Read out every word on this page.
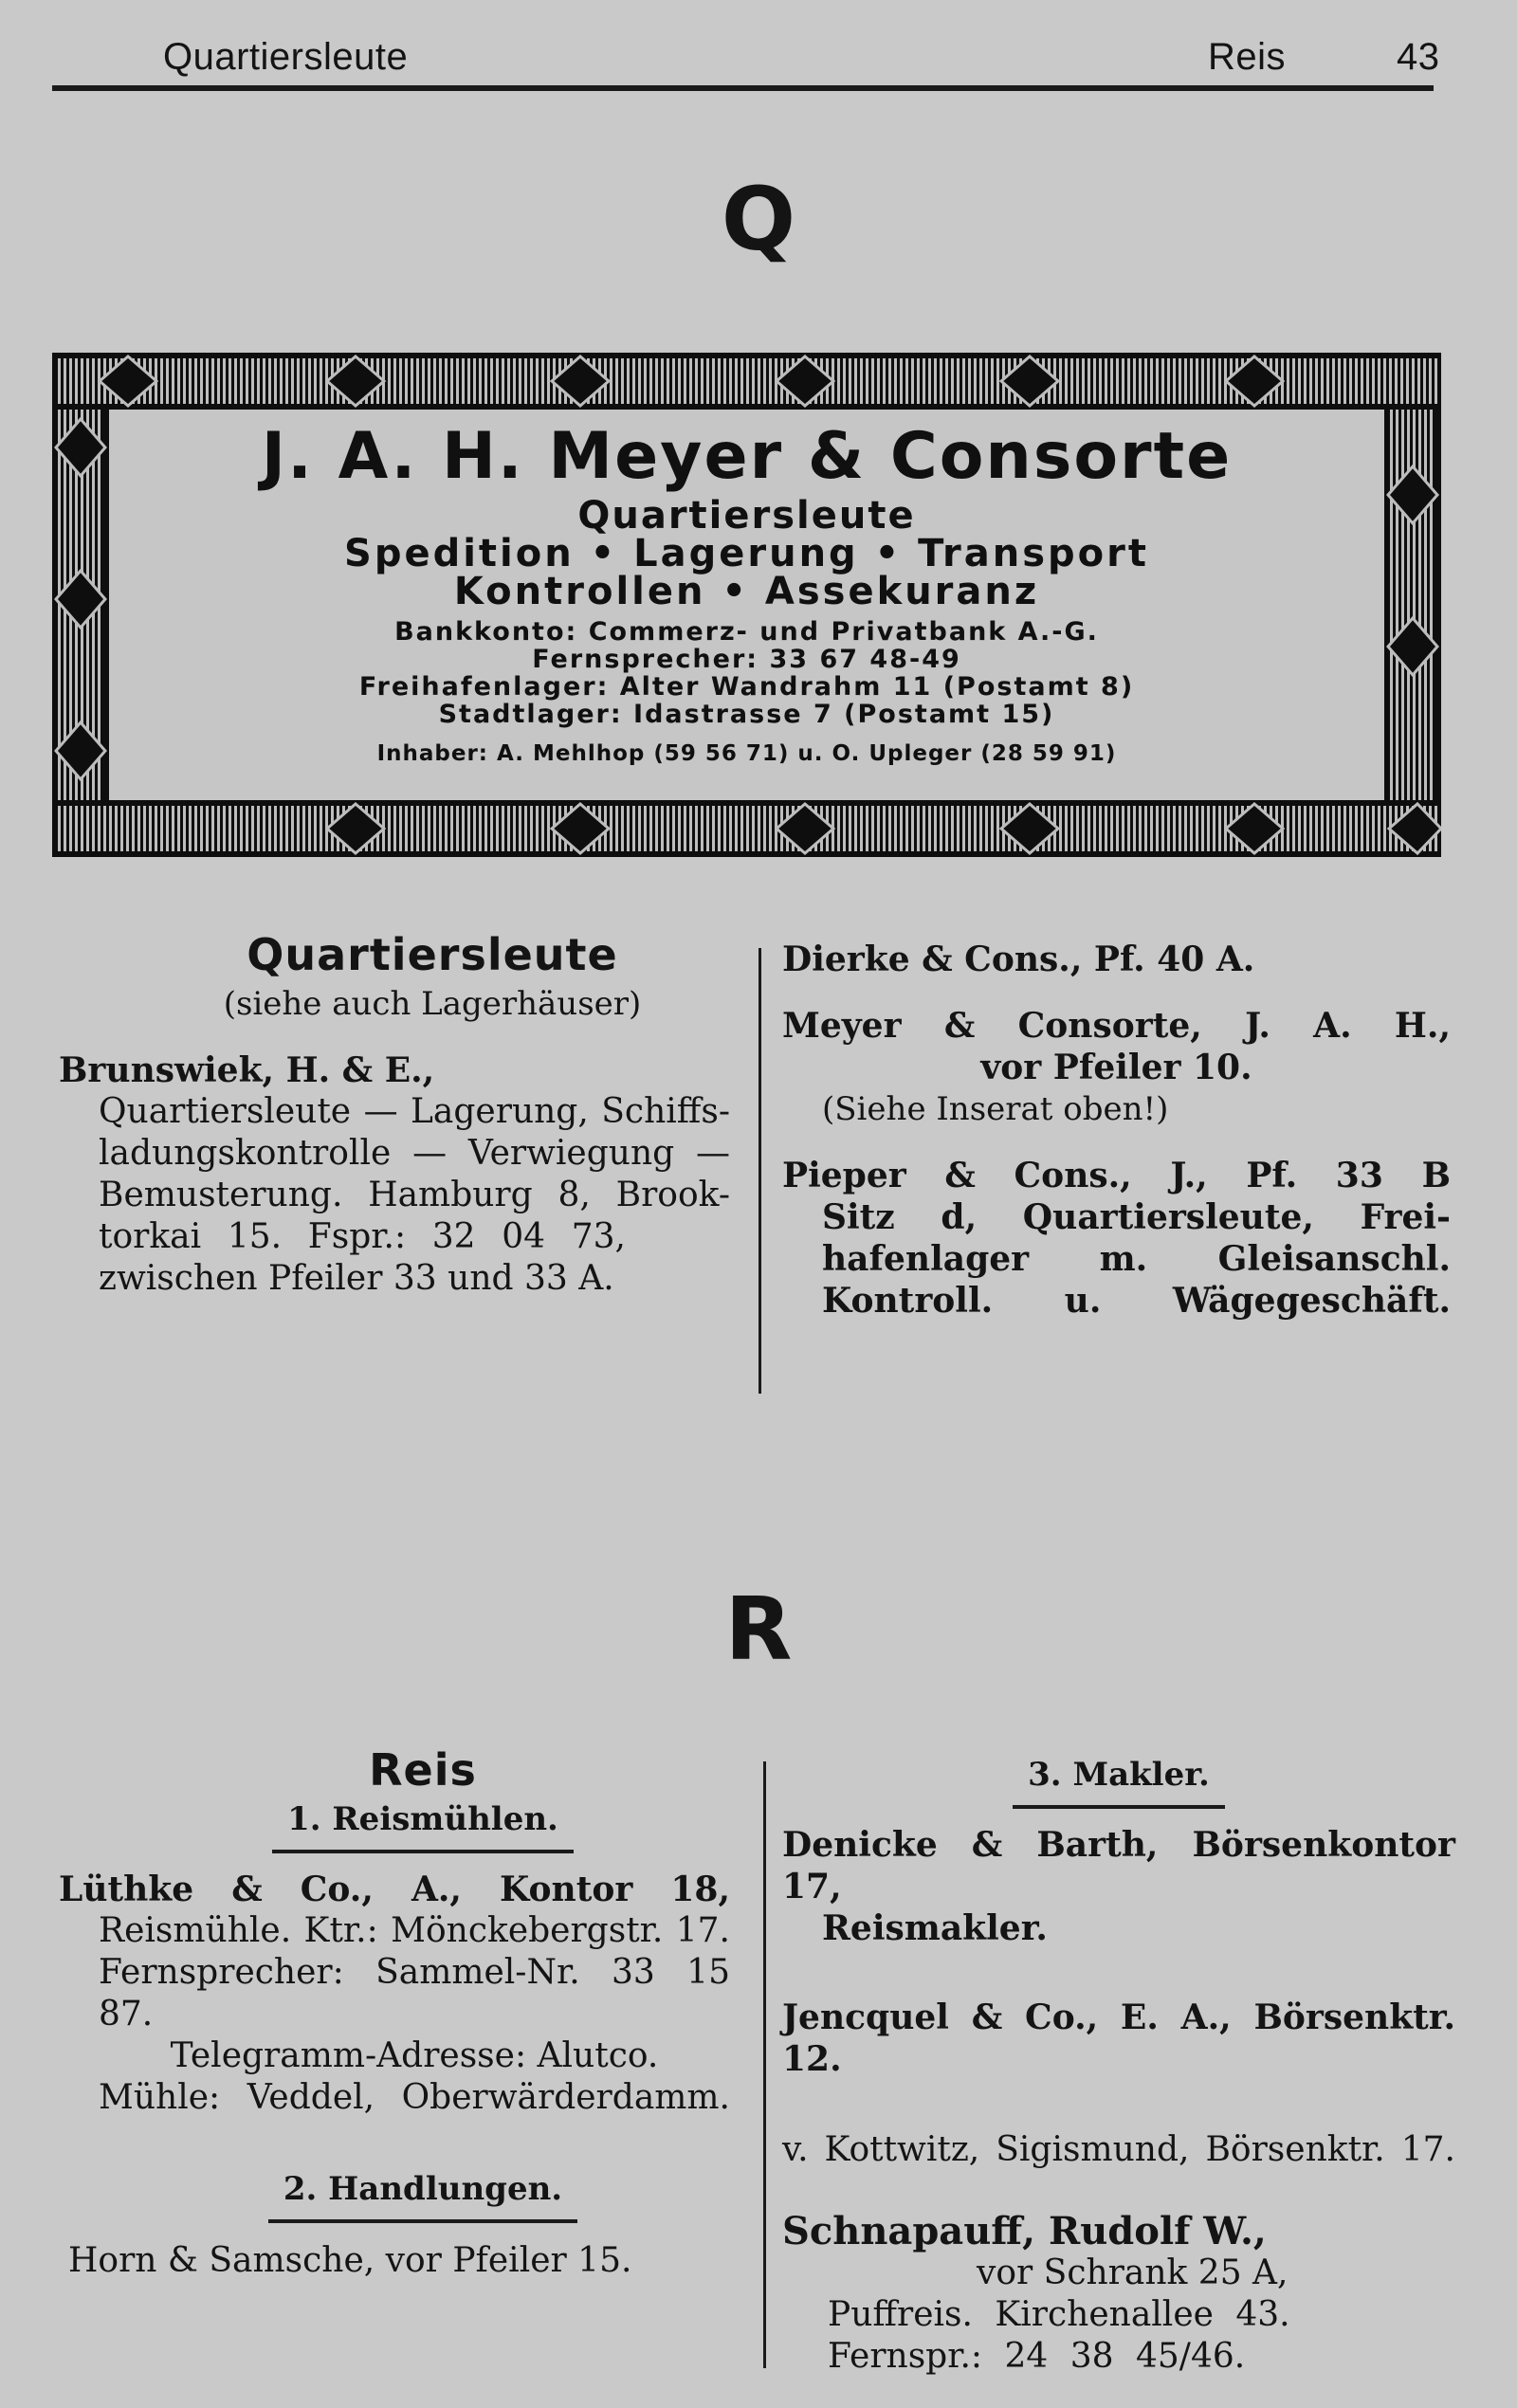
Quartiersleute	Reis	43
Q
J. A. H. Meyer & Consorte
Quartiersleute
Spedition • Lagerung • Transport
Kontrollen • Assekuranz
Bankkonto: Commerz- und Privatbank A.-G.
Fernsprecher: 33 67 48-49
Freihafenlager: Alter Wandrahm 11 (Postamt 8)
Stadtlager: Idastrasse 7 (Postamt 15)
Inhaber: A. Mehlhop (59 56 71) u. O. Upleger (28 59 91)
Quartiersleute
(siehe auch Lagerhäuser)
Brunswiek, H. & E.,
Quartiersleute — Lagerung, Schiffs-
ladungskontrolle — Verwiegung —
Bemusterung. Hamburg 8, Brook-
torkai 15. Fspr.: 32 04 73,
zwischen Pfeiler 33 und 33 A.
Dierke & Cons., Pf. 40 A.
Meyer & Consorte, J. A. H.,
vor Pfeiler 10.
(Siehe Inserat oben!)
Pieper & Cons., J., Pf. 33 B
Sitz d, Quartiersleute, Frei-
hafenlager m. Gleisanschl.
Kontroll. u. Wägegeschäft.
R
Reis
1. Reismühlen.
Lüthke & Co., A., Kontor 18,
Reismühle. Ktr.: Mönckebergstr. 17.
Fernsprecher: Sammel-Nr. 33 15 87.
Telegramm-Adresse: Alutco.
Mühle: Veddel, Oberwärderdamm.
2. Handlungen.
Horn & Samsche, vor Pfeiler 15.
3. Makler.
Denicke & Barth, Börsenkontor 17,
Reismakler.
Jencquel & Co., E. A., Börsenktr. 12.
v. Kottwitz, Sigismund, Börsenktr. 17.
Schnapauff, Rudolf W.,
vor Schrank 25 A,
Puffreis. Kirchenallee 43.
Fernspr.: 24 38 45/46.
